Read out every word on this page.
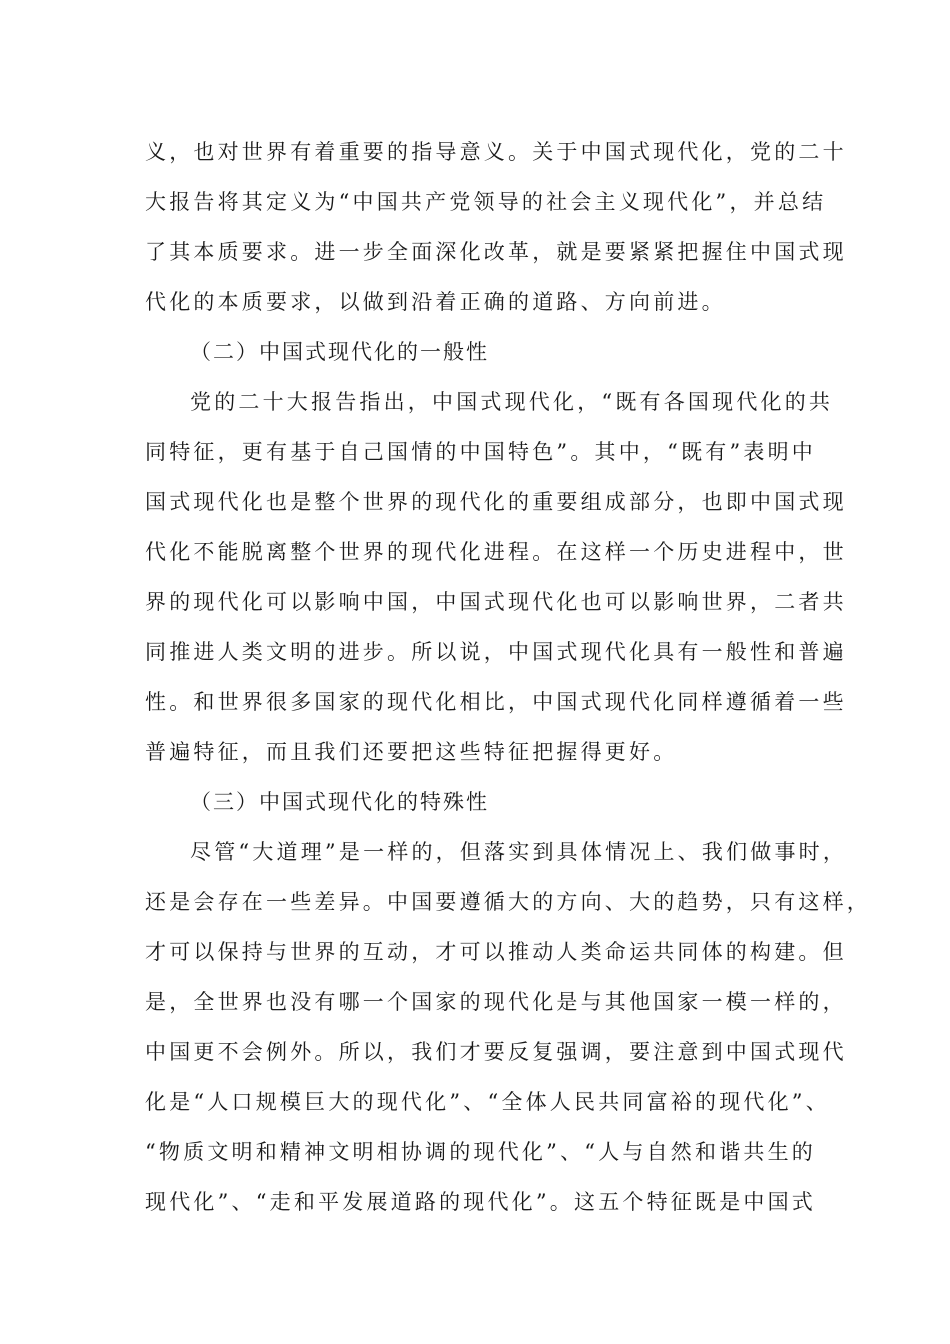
义，也对世界有着重要的指导意义。关于中国式现代化，党的二十
大报告将其定义为“中国共产党领导的社会主义现代化”，并总结
了其本质要求。进一步全面深化改革，就是要紧紧把握住中国式现
代化的本质要求，以做到沿着正确的道路、方向前进。
（二）中国式现代化的一般性
党的二十大报告指出，中国式现代化，“既有各国现代化的共
同特征，更有基于自己国情的中国特色”。其中，“既有”表明中
国式现代化也是整个世界的现代化的重要组成部分，也即中国式现
代化不能脱离整个世界的现代化进程。在这样一个历史进程中，世
界的现代化可以影响中国，中国式现代化也可以影响世界，二者共
同推进人类文明的进步。所以说，中国式现代化具有一般性和普遍
性。和世界很多国家的现代化相比，中国式现代化同样遵循着一些
普遍特征，而且我们还要把这些特征把握得更好。
（三）中国式现代化的特殊性
尽管“大道理”是一样的，但落实到具体情况上、我们做事时，
还是会存在一些差异。中国要遵循大的方向、大的趋势，只有这样，
才可以保持与世界的互动，才可以推动人类命运共同体的构建。但
是，全世界也没有哪一个国家的现代化是与其他国家一模一样的，
中国更不会例外。所以，我们才要反复强调，要注意到中国式现代
化是“人口规模巨大的现代化”、“全体人民共同富裕的现代化”、
“物质文明和精神文明相协调的现代化”、“人与自然和谐共生的
现代化”、“走和平发展道路的现代化”。这五个特征既是中国式
